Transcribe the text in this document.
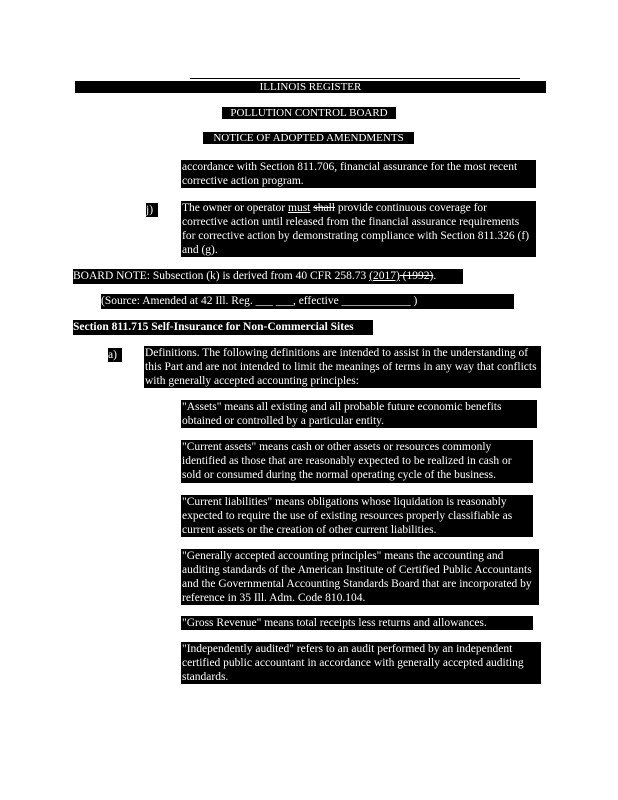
ILLINOIS REGISTER
POLLUTION CONTROL BOARD
NOTICE OF ADOPTED AMENDMENTS
accordance with Section 811.706, financial assurance for the most recent corrective action program.
j)	The owner or operator must shall provide continuous coverage for corrective action until released from the financial assurance requirements for corrective action by demonstrating compliance with Section 811.326 (f) and (g).
BOARD NOTE: Subsection (k) is derived from 40 CFR 258.73 (2017) (1992).
(Source: Amended at 42 Ill. Reg. ___ ___, effective ____________ )
Section 811.715 Self-Insurance for Non-Commercial Sites
a)	Definitions. The following definitions are intended to assist in the understanding of this Part and are not intended to limit the meanings of terms in any way that conflicts with generally accepted accounting principles:
"Assets" means all existing and all probable future economic benefits obtained or controlled by a particular entity.
"Current assets" means cash or other assets or resources commonly identified as those that are reasonably expected to be realized in cash or sold or consumed during the normal operating cycle of the business.
"Current liabilities" means obligations whose liquidation is reasonably expected to require the use of existing resources properly classifiable as current assets or the creation of other current liabilities.
"Generally accepted accounting principles" means the accounting and auditing standards of the American Institute of Certified Public Accountants and the Governmental Accounting Standards Board that are incorporated by reference in 35 Ill. Adm. Code 810.104.
"Gross Revenue" means total receipts less returns and allowances.
"Independently audited" refers to an audit performed by an independent certified public accountant in accordance with generally accepted auditing standards.
